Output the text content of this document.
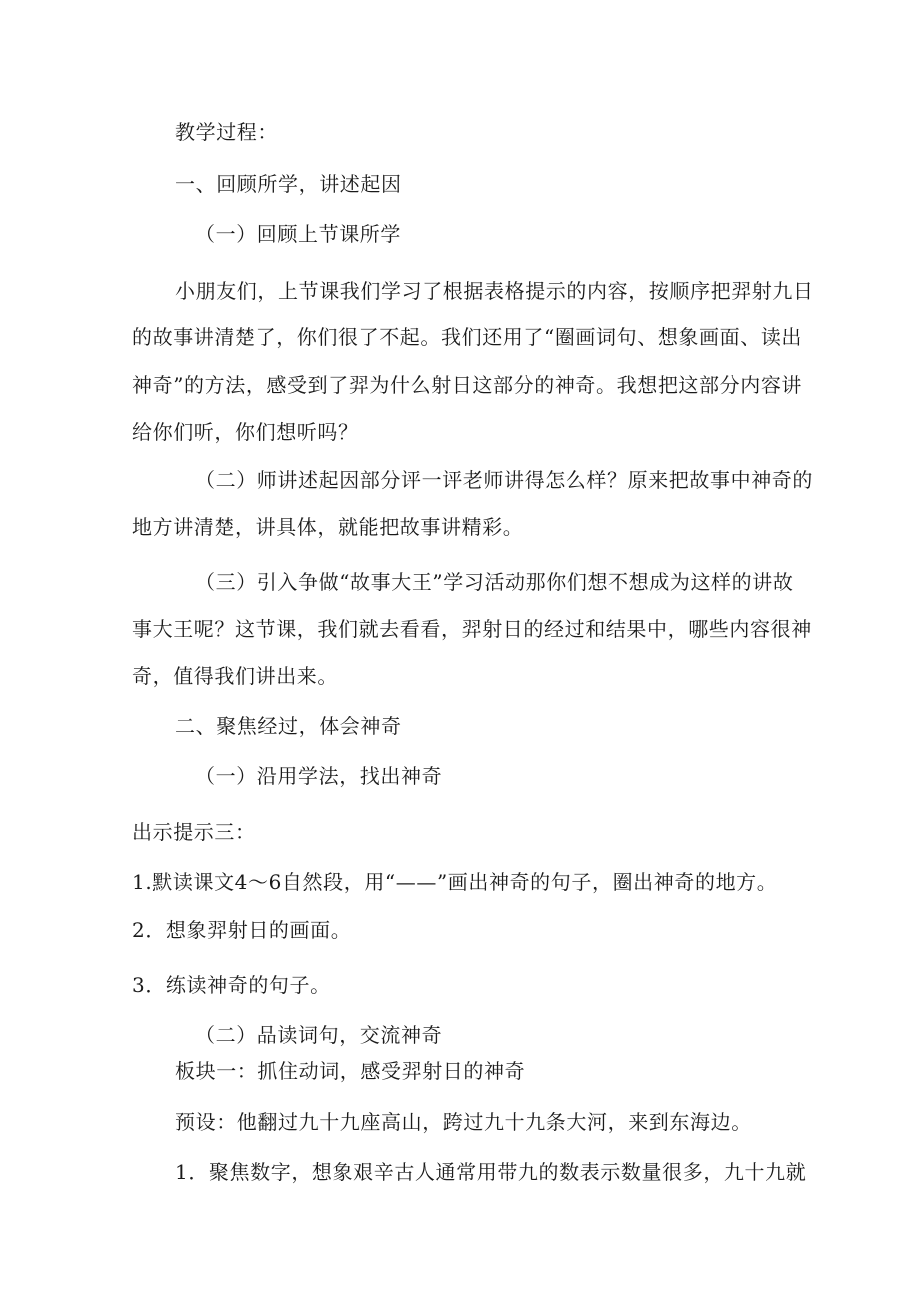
教学过程：
一、回顾所学，讲述起因
（一）回顾上节课所学
小朋友们，上节课我们学习了根据表格提示的内容，按顺序把羿射九日
的故事讲清楚了，你们很了不起。我们还用了“圈画词句、想象画面、读出
神奇”的方法，感受到了羿为什么射日这部分的神奇。我想把这部分内容讲
给你们听，你们想听吗？
（二）师讲述起因部分评一评老师讲得怎么样？原来把故事中神奇的
地方讲清楚，讲具体，就能把故事讲精彩。
（三）引入争做“故事大王”学习活动那你们想不想成为这样的讲故
事大王呢？这节课，我们就去看看，羿射日的经过和结果中，哪些内容很神
奇，值得我们讲出来。
二、聚焦经过，体会神奇
（一）沿用学法，找出神奇
出示提示三：
1.默读课文4～6自然段，用“——”画出神奇的句子，圈出神奇的地方。
2．想象羿射日的画面。
3．练读神奇的句子。
（二）品读词句，交流神奇
板块一：抓住动词，感受羿射日的神奇
预设：他翻过九十九座高山，跨过九十九条大河，来到东海边。
1．聚焦数字，想象艰辛古人通常用带九的数表示数量很多，九十九就
